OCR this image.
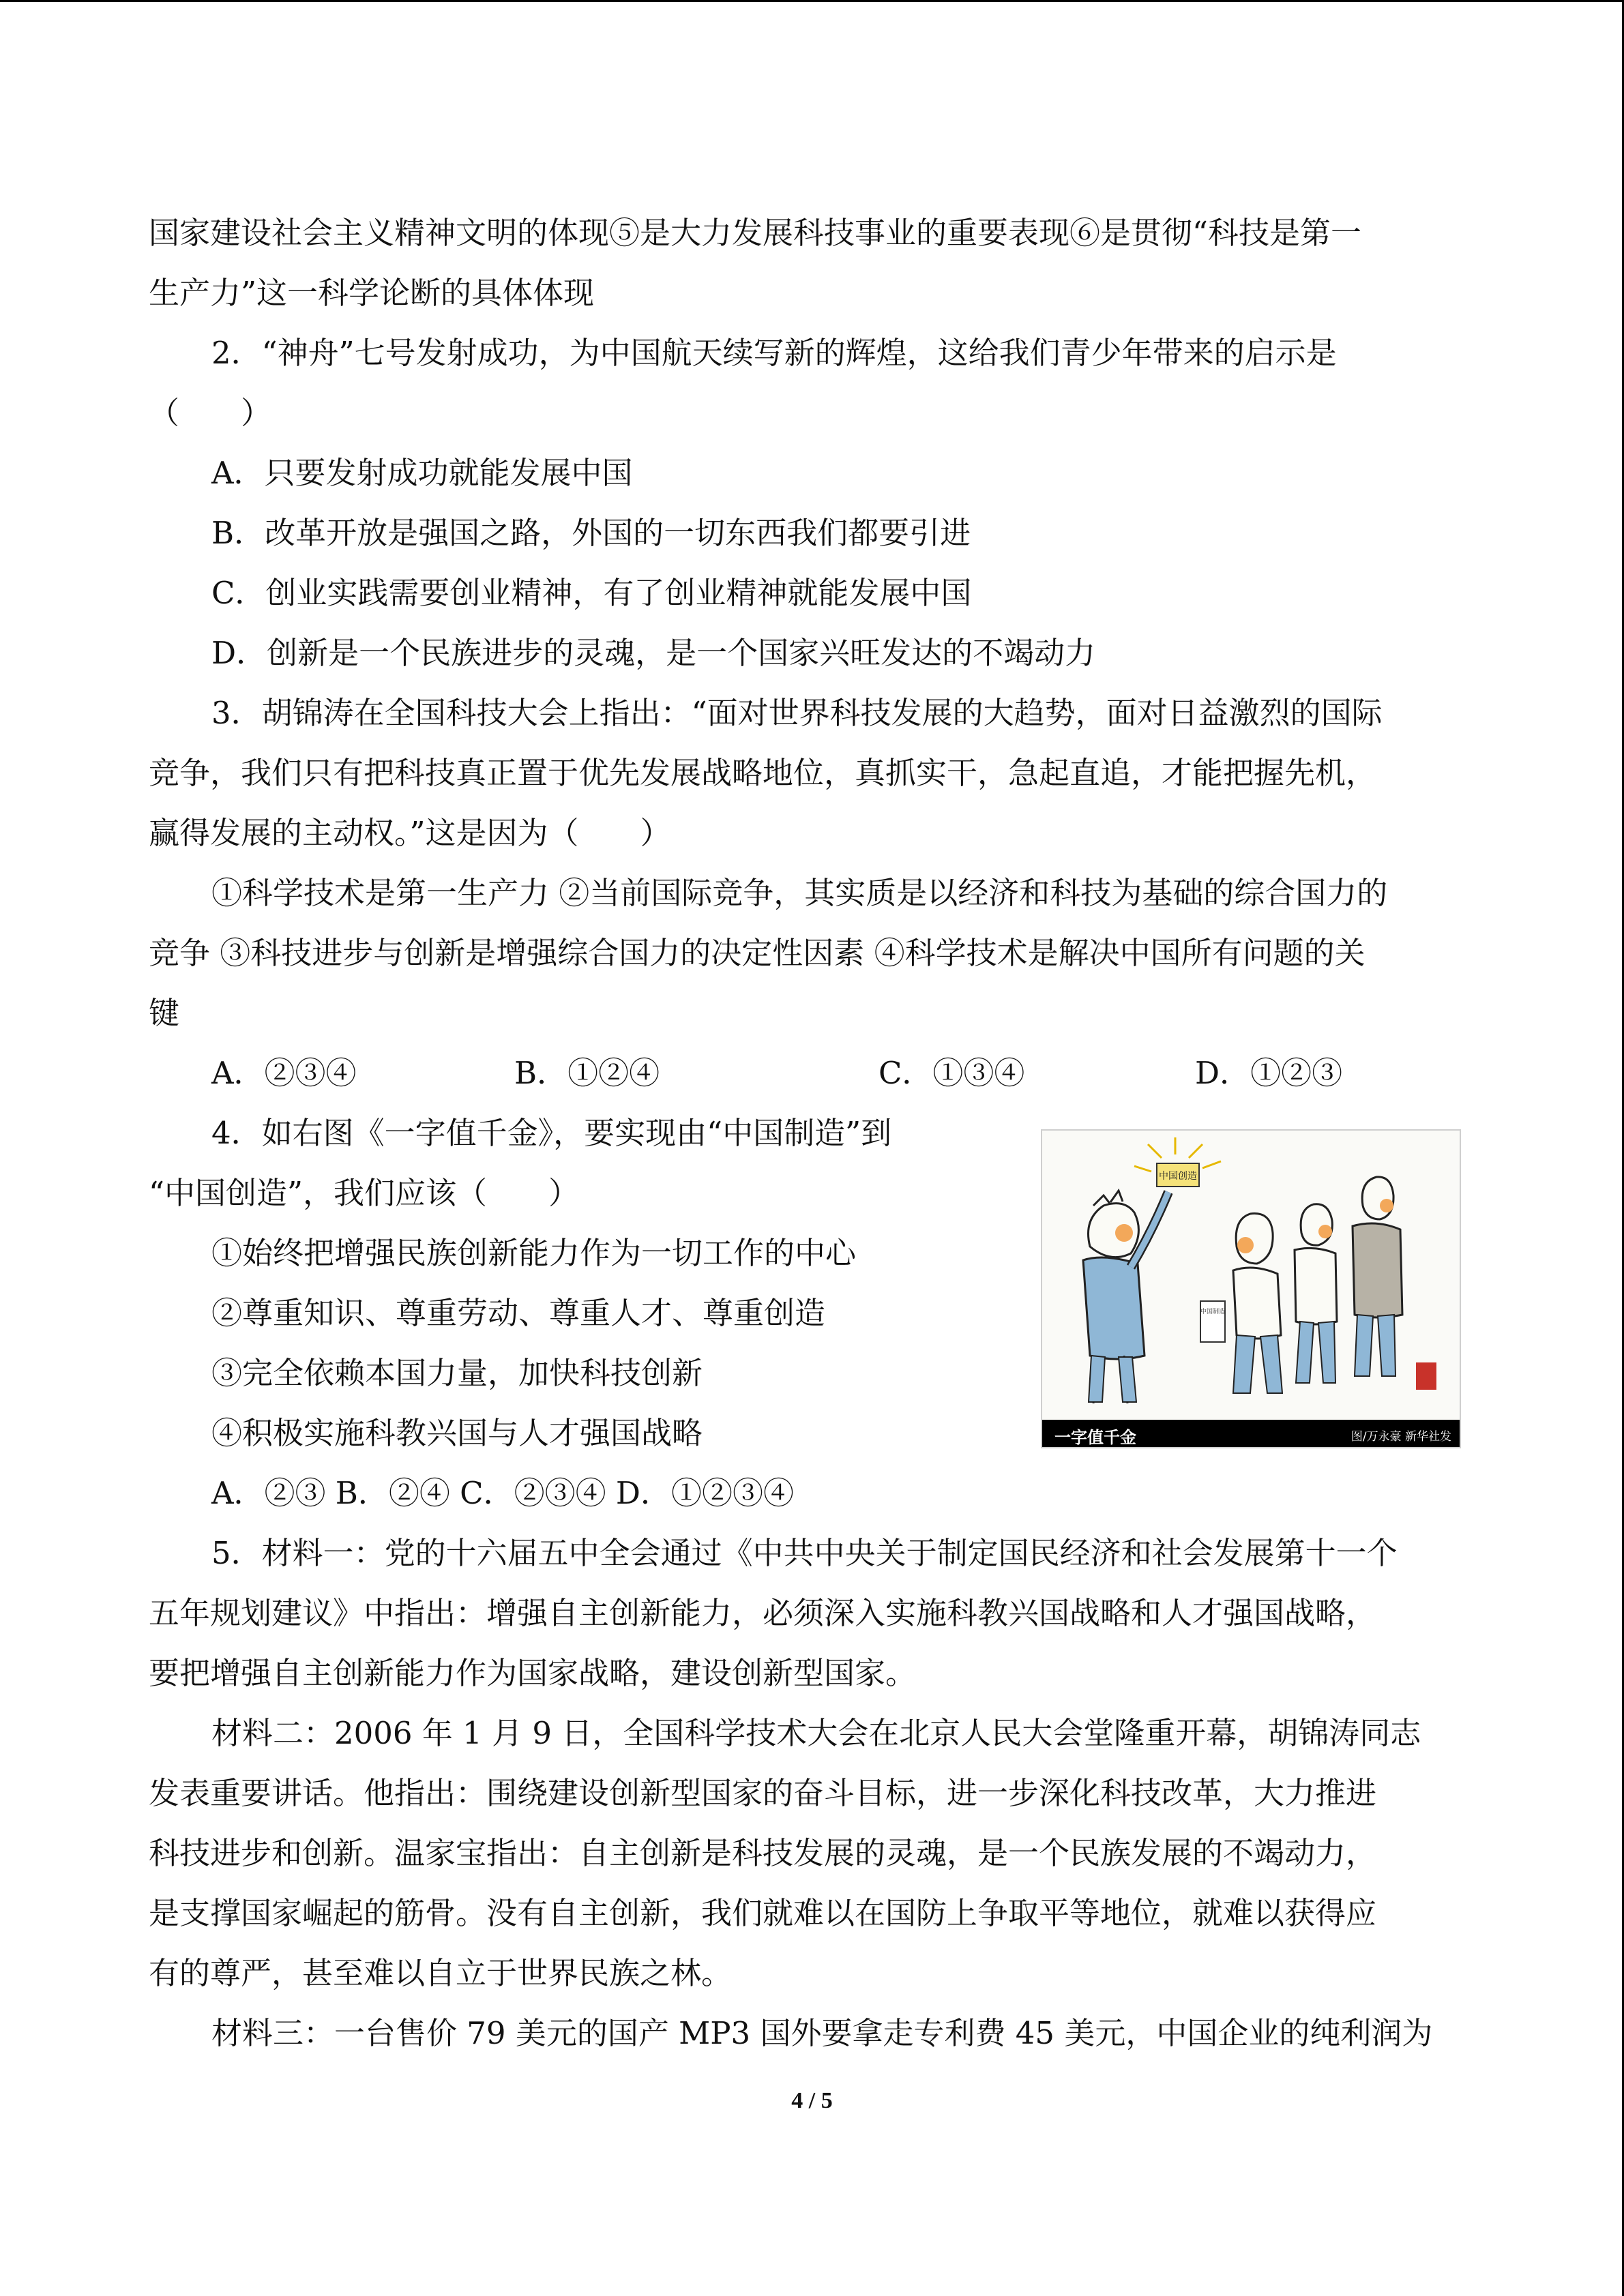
国家建设社会主义精神文明的体现⑤是大力发展科技事业的重要表现⑥是贯彻“科技是第一
生产力”这一科学论断的具体体现
2．“神舟”七号发射成功，为中国航天续写新的辉煌，这给我们青少年带来的启示是
（　　）
A．只要发射成功就能发展中国
B．改革开放是强国之路，外国的一切东西我们都要引进
C．创业实践需要创业精神，有了创业精神就能发展中国
D．创新是一个民族进步的灵魂，是一个国家兴旺发达的不竭动力
3．胡锦涛在全国科技大会上指出：“面对世界科技发展的大趋势，面对日益激烈的国际
竞争，我们只有把科技真正置于优先发展战略地位，真抓实干，急起直追，才能把握先机，
赢得发展的主动权。”这是因为（　　）
①科学技术是第一生产力 ②当前国际竞争，其实质是以经济和科技为基础的综合国力的
竞争 ③科技进步与创新是增强综合国力的决定性因素 ④科学技术是解决中国所有问题的关
键
A．②③④	B．①②④	C．①③④	D．①②③
4．如右图《一字值千金》，要实现由“中国制造”到
“中国创造”，我们应该（　　）
①始终把增强民族创新能力作为一切工作的中心
②尊重知识、尊重劳动、尊重人才、尊重创造
③完全依赖本国力量，加快科技创新
④积极实施科教兴国与人才强国战略
A．②③ B．②④ C．②③④ D．①②③④
5．材料一：党的十六届五中全会通过《中共中央关于制定国民经济和社会发展第十一个
五年规划建议》中指出：增强自主创新能力，必须深入实施科教兴国战略和人才强国战略，
要把增强自主创新能力作为国家战略，建设创新型国家。
材料二：2006 年 1 月 9 日，全国科学技术大会在北京人民大会堂隆重开幕，胡锦涛同志
发表重要讲话。他指出：围绕建设创新型国家的奋斗目标，进一步深化科技改革，大力推进
科技进步和创新。温家宝指出：自主创新是科技发展的灵魂，是一个民族发展的不竭动力，
是支撑国家崛起的筋骨。没有自主创新，我们就难以在国防上争取平等地位，就难以获得应
有的尊严，甚至难以自立于世界民族之林。
材料三：一台售价 79 美元的国产 MP3 国外要拿走专利费 45 美元，中国企业的纯利润为
中国创造
中国制造
一字值千金	图/万永豪 新华社发
4 / 5
